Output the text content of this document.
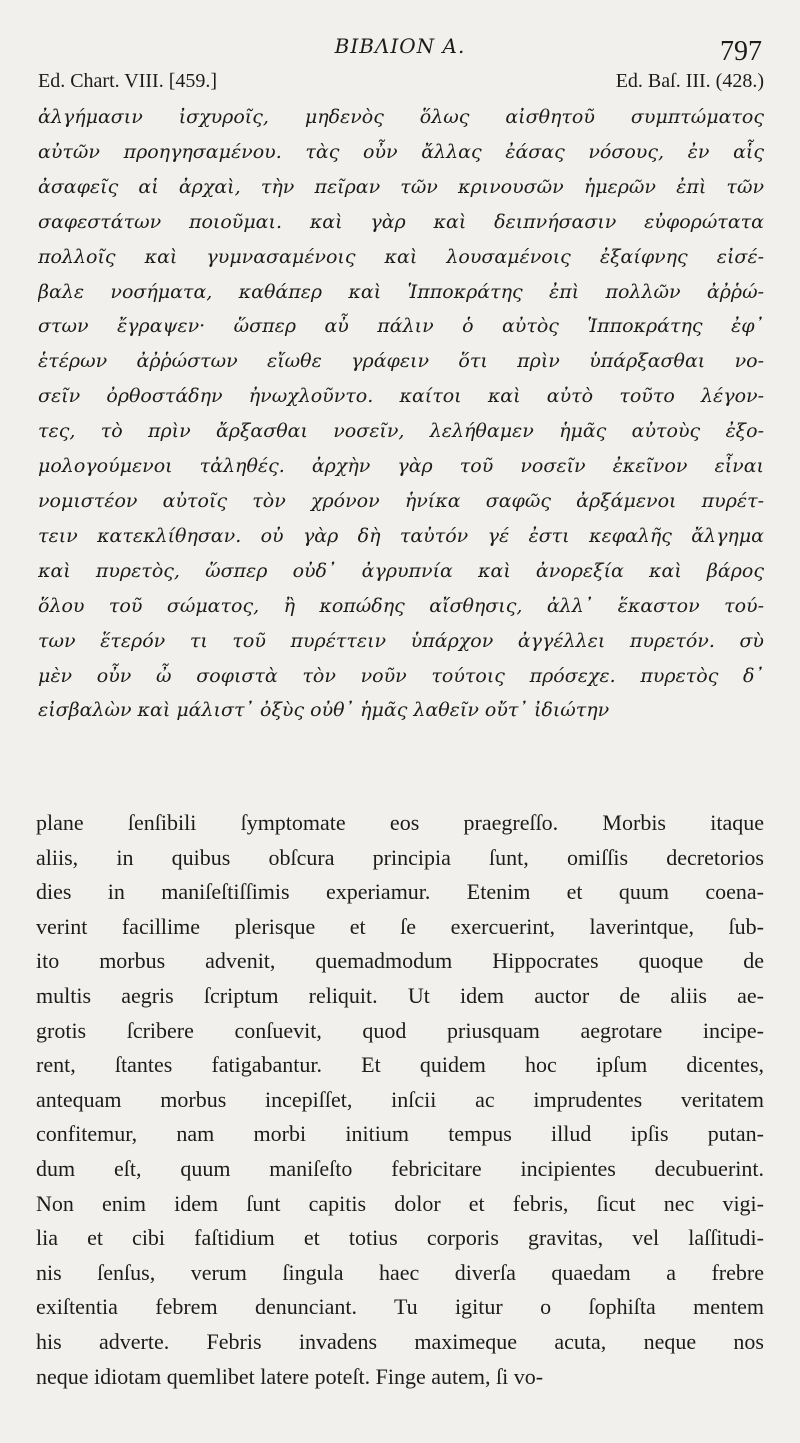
ΒΙΒΛΙΟΝ Α.	797
Ed. Chart. VIII. [459.]	Ed. Baſ. III. (428.)
ἀλγήμασιν ἰσχυροῖς, μηδενὸς ὅλως αἰσθητοῦ συμπτώματος
αὐτῶν προηγησαμένου. τὰς οὖν ἄλλας ἐάσας νόσους, ἐν αἷς
ἀσαφεῖς αἱ ἀρχαὶ, τὴν πεῖραν τῶν κρινουσῶν ἡμερῶν ἐπὶ τῶν
σαφεστάτων ποιοῦμαι. καὶ γὰρ καὶ δειπνήσασιν εὐφορώτατα
πολλοῖς καὶ γυμνασαμένοις καὶ λουσαμένοις ἐξαίφνης εἰσέ-
βαλε νοσήματα, καθάπερ καὶ Ἱπποκράτης ἐπὶ πολλῶν ἀῤῥώ-
στων ἔγραψεν· ὥσπερ αὖ πάλιν ὁ αὐτὸς Ἱπποκράτης ἐφ᾽
ἑτέρων ἀῤῥώστων εἴωθε γράφειν ὅτι πρὶν ὑπάρξασθαι νο-
σεῖν ὀρθοστάδην ἠνωχλοῦντο. καίτοι καὶ αὐτὸ τοῦτο λέγον-
τες, τὸ πρὶν ἄρξασθαι νοσεῖν, λελήθαμεν ἡμᾶς αὐτοὺς ἐξο-
μολογούμενοι τἀληθές. ἀρχὴν γὰρ τοῦ νοσεῖν ἐκεῖνον εἶναι
νομιστέον αὐτοῖς τὸν χρόνον ἡνίκα σαφῶς ἀρξάμενοι πυρέτ-
τειν κατεκλίθησαν. οὐ γὰρ δὴ ταὐτόν γέ ἐστι κεφαλῆς ἄλγημα
καὶ πυρετὸς, ὥσπερ οὐδ᾽ ἀγρυπνία καὶ ἀνορεξία καὶ βάρος
ὅλου τοῦ σώματος, ἢ κοπώδης αἴσθησις, ἀλλ᾽ ἕκαστον τού-
των ἕτερόν τι τοῦ πυρέττειν ὑπάρχον ἀγγέλλει πυρετόν. σὺ
μὲν οὖν ὦ σοφιστὰ τὸν νοῦν τούτοις πρόσεχε. πυρετὸς δ᾽
εἰσβαλὼν καὶ μάλιστ᾽ ὀξὺς οὐθ᾽ ἡμᾶς λαθεῖν οὔτ᾽ ἰδιώτην
plane ſenſibili ſymptomate eos praegreſſo. Morbis itaque
aliis, in quibus obſcura principia ſunt, omiſſis decretorios
dies in maniſeſtiſſimis experiamur. Etenim et quum coena-
verint facillime plerisque et ſe exercuerint, laverintque, ſub-
ito morbus advenit, quemadmodum Hippocrates quoque de
multis aegris ſcriptum reliquit. Ut idem auctor de aliis ae-
grotis ſcribere conſuevit, quod priusquam aegrotare incipe-
rent, ſtantes fatigabantur. Et quidem hoc ipſum dicentes,
antequam morbus incepiſſet, inſcii ac imprudentes veritatem
confitemur, nam morbi initium tempus illud ipſis putan-
dum eſt, quum maniſeſto febricitare incipientes decubuerint.
Non enim idem ſunt capitis dolor et febris, ſicut nec vigi-
lia et cibi faſtidium et totius corporis gravitas, vel laſſitudi-
nis ſenſus, verum ſingula haec diverſa quaedam a frebre
exiſtentia febrem denunciant. Tu igitur o ſophiſta mentem
his adverte. Febris invadens maximeque acuta, neque nos
neque idiotam quemlibet latere poteſt. Finge autem, ſi vo-
